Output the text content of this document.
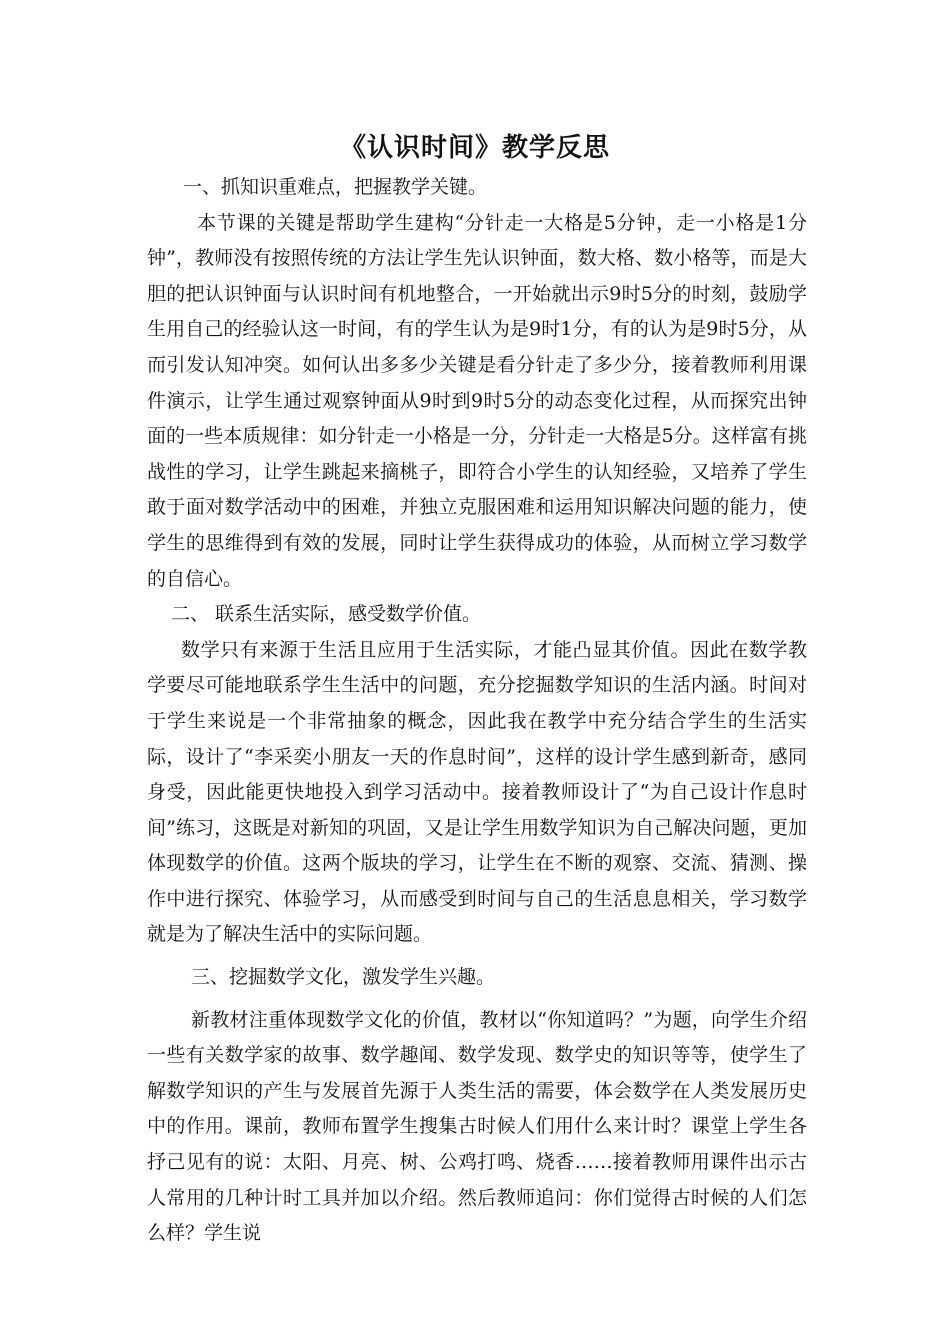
《认识时间》教学反思

一、抓知识重难点，把握教学关键。

本节课的关键是帮助学生建构“分针走一大格是5分钟，走一小格是1分钟”，教师没有按照传统的方法让学生先认识钟面，数大格、数小格等，而是大胆的把认识钟面与认识时间有机地整合，一开始就出示9时5分的时刻，鼓励学生用自己的经验认这一时间，有的学生认为是9时1分，有的认为是9时5分，从而引发认知冲突。如何认出多多少关键是看分针走了多少分，接着教师利用课件演示，让学生通过观察钟面从9时到9时5分的动态变化过程，从而探究出钟面的一些本质规律：如分针走一小格是一分，分针走一大格是5分。这样富有挑战性的学习，让学生跳起来摘桃子，即符合小学生的认知经验，又培养了学生敢于面对数学活动中的困难，并独立克服困难和运用知识解决问题的能力，使学生的思维得到有效的发展，同时让学生获得成功的体验，从而树立学习数学的自信心。

二、 联系生活实际，感受数学价值。

数学只有来源于生活且应用于生活实际，才能凸显其价值。因此在数学教学要尽可能地联系学生生活中的问题，充分挖掘数学知识的生活内涵。时间对于学生来说是一个非常抽象的概念，因此我在教学中充分结合学生的生活实际，设计了“李采奕小朋友一天的作息时间”，这样的设计学生感到新奇，感同身受，因此能更快地投入到学习活动中。接着教师设计了“为自己设计作息时间”练习，这既是对新知的巩固，又是让学生用数学知识为自己解决问题，更加体现数学的价值。这两个版块的学习，让学生在不断的观察、交流、猜测、操作中进行探究、体验学习，从而感受到时间与自己的生活息息相关，学习数学就是为了解决生活中的实际问题。

三、挖掘数学文化，激发学生兴趣。

新教材注重体现数学文化的价值，教材以“你知道吗？”为题，向学生介绍一些有关数学家的故事、数学趣闻、数学发现、数学史的知识等等，使学生了解数学知识的产生与发展首先源于人类生活的需要，体会数学在人类发展历史中的作用。课前，教师布置学生搜集古时候人们用什么来计时？课堂上学生各抒己见有的说：太阳、月亮、树、公鸡打鸣、烧香……接着教师用课件出示古人常用的几种计时工具并加以介绍。然后教师追问：你们觉得古时候的人们怎么样？学生说
